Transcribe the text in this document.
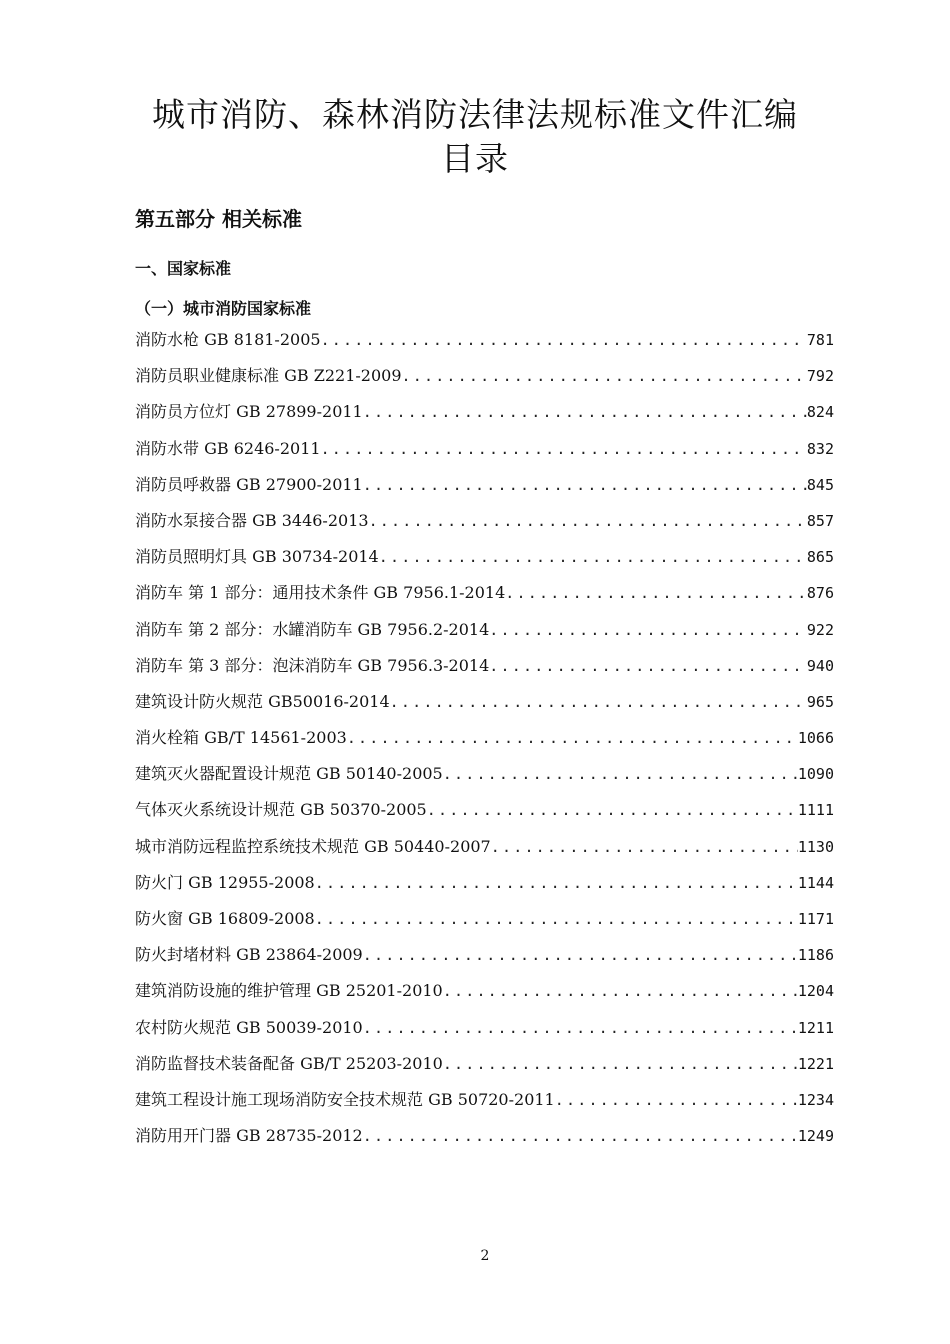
城市消防、森林消防法律法规标准文件汇编
目录
第五部分 相关标准
一、国家标准
（一）城市消防国家标准
消防水枪 GB 8181-2005 .....	781
消防员职业健康标准 GB Z221-2009 .....	792
消防员方位灯 GB 27899-2011 .....	824
消防水带 GB 6246-2011 .....	832
消防员呼救器 GB 27900-2011 .....	845
消防水泵接合器 GB 3446-2013 .....	857
消防员照明灯具 GB 30734-2014 .....	865
消防车 第 1 部分：通用技术条件 GB 7956.1-2014 .....	876
消防车 第 2 部分：水罐消防车 GB 7956.2-2014 .....	922
消防车 第 3 部分：泡沫消防车 GB 7956.3-2014 .....	940
建筑设计防火规范 GB50016-2014 .....	965
消火栓箱 GB/T 14561-2003 .....	1066
建筑灭火器配置设计规范 GB 50140-2005 .....	1090
气体灭火系统设计规范 GB 50370-2005 .....	1111
城市消防远程监控系统技术规范 GB 50440-2007 .....	1130
防火门 GB 12955-2008 .....	1144
防火窗 GB 16809-2008 .....	1171
防火封堵材料 GB 23864-2009 .....	1186
建筑消防设施的维护管理 GB 25201-2010 .....	1204
农村防火规范 GB 50039-2010 .....	1211
消防监督技术装备配备 GB/T 25203-2010 .....	1221
建筑工程设计施工现场消防安全技术规范 GB 50720-2011 .....	1234
消防用开门器 GB 28735-2012 .....	1249
2
